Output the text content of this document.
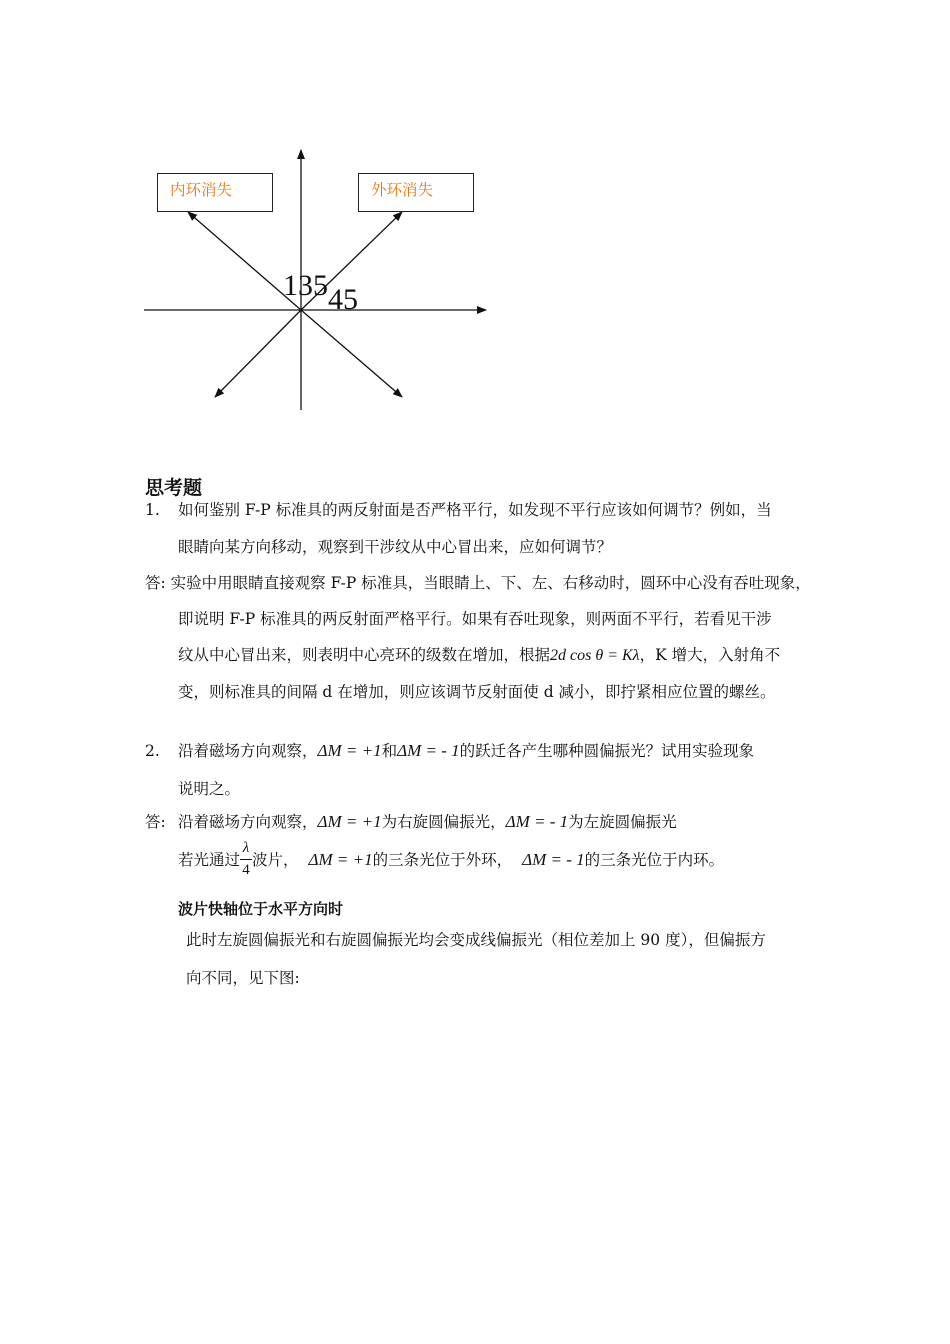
内环消失	外环消失
135 45
思考题
1. 如何鉴别 F-P 标准具的两反射面是否严格平行，如发现不平行应该如何调节？例如，当
眼睛向某方向移动，观察到干涉纹从中心冒出来，应如何调节？
答: 实验中用眼睛直接观察 F-P 标准具，当眼睛上、下、左、右移动时，圆环中心没有吞吐现象，
即说明 F-P 标准具的两反射面严格平行。如果有吞吐现象，则两面不平行，若看见干涉
纹从中心冒出来，则表明中心亮环的级数在增加，根据2d cos θ = Kλ，K 增大，入射角不
变，则标准具的间隔 d 在增加，则应该调节反射面使 d 减小，即拧紧相应位置的螺丝。
2. 沿着磁场方向观察，ΔM = +1和ΔM = - 1的跃迁各产生哪种圆偏振光？试用实验现象
说明之。
答: 沿着磁场方向观察，ΔM = +1为右旋圆偏振光，ΔM = - 1为左旋圆偏振光
若光通过 $\frac{\lambda}{4}$ 波片， ΔM = +1的三条光位于外环， ΔM = - 1的三条光位于内环。
波片快轴位于水平方向时
此时左旋圆偏振光和右旋圆偏振光均会变成线偏振光（相位差加上 90 度），但偏振方
向不同，见下图:
